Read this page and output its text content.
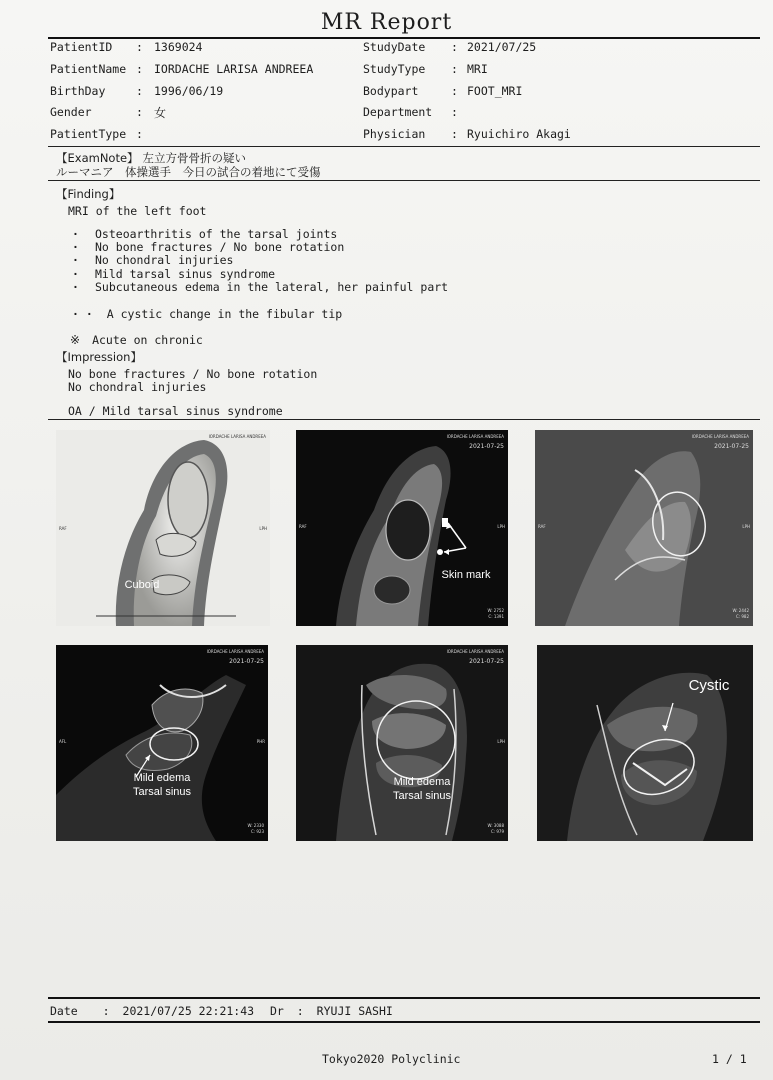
MR Report
PatientID : 1369024
PatientName : IORDACHE LARISA ANDREEA
BirthDay	: 1996/06/19
Gender	: 女
PatientType :
StudyDate : 2021/07/25
StudyType : MRI
Bodypart	: FOOT_MRI
Department :
Physician : Ryuichiro Akagi
【ExamNote】 左立方骨骨折の疑い
ルーマニア　体操選手　今日の試合の着地にて受傷
【Finding】
MRI of the left foot
· Osteoarthritis of the tarsal joints
· No bone fractures / No bone rotation
· No chondral injuries
· Mild tarsal sinus syndrome
· Subcutaneous edema in the lateral, her painful part
· · A cystic change in the fibular tip
※ Acute on chronic
【Impression】
No bone fractures / No bone rotation
No chondral injuries
OA / Mild tarsal sinus syndrome
IORDACHE LARISA ANDREEA
RAF	LPH
Cuboid
IORDACHE LARISA ANDREEA
2021-07-25
RAF	LPH
W: 2752
C: 1391
Skin mark
IORDACHE LARISA ANDREEA
2021-07-25
RAF	LPH
W: 2442
C: 982
IORDACHE LARISA ANDREEA
2021-07-25
AFL	PHR
W: 2330
C: 923
Mild edema
Tarsal sinus
IORDACHE LARISA ANDREEA
2021-07-25
LPH
W: 3088
C: 979
Mild edema
Tarsal sinus
Cystic
Date : 2021/07/25 22:21:43 Dr : RYUJI SASHI
Tokyo2020 Polyclinic	1 / 1
